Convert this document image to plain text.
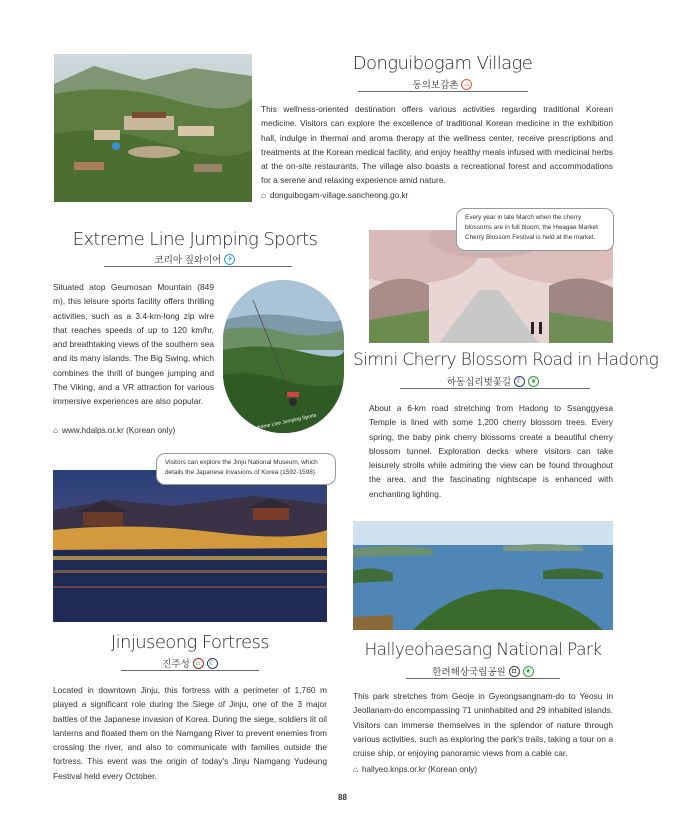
Donguibogam Village
동의보감촌 ♨
This wellness-oriented destination offers various activities regarding traditional Korean medicine. Visitors can explore the excellence of traditional Korean medicine in the exhibition hall, indulge in thermal and aroma therapy at the wellness center, receive prescriptions and treatments at the Korean medical facility, and enjoy healthy meals infused with medicinal herbs at the on-site restaurants. The village also boasts a recreational forest and accommodations for a serene and relaxing experience amid nature.
⌂ donguibogam-village.sancheong.go.kr
Extreme Line Jumping Sports
코리아 짚와이어 ✈
Situated atop Geumosan Mountain (849 m), this leisure sports facility offers thrilling activities, such as a 3.4-km-long zip wire that reaches speeds of up to 120 km/hr, and breathtaking views of the southern sea and its many islands. The Big Swing, which combines the thrill of bungee jumping and The Viking, and a VR attraction for various immersive experiences are also popular.
⌂ www.hdalps.or.kr (Korean only)	©Extreme Line Jumping Sports
Every year in late March when the cherry blossoms are in full bloom, the Hwagae Market Cherry Blossom Festival is held at the market.
Simni Cherry Blossom Road in Hadong
하동십리벚꽃길 ☾	❦
About a 6-km road stretching from Hadong to Ssanggyesa Temple is lined with some 1,200 cherry blossom trees. Every spring, the baby pink cherry blossoms create a beautiful cherry blossom tunnel. Exploration decks where visitors can take leisurely strolls while admiring the view can be found throughout the area, and the fascinating nightscape is enhanced with enchanting lighting.
Visitors can explore the Jinju National Museum, which details the Japanese Invasions of Korea (1592-1598).
Jinjuseong Fortress
진주성 ⌂	☾
Located in downtown Jinju, this fortress with a perimeter of 1,760 m played a significant role during the Siege of Jinju, one of the 3 major battles of the Japanese invasion of Korea. During the siege, soldiers lit oil lanterns and floated them on the Namgang River to prevent enemies from crossing the river, and also to communicate with families outside the fortress. This event was the origin of today's Jinju Namgang Yudeung Festival held every October.
Hallyeohaesang National Park
한려해상국립공원 ◘	❦
This park stretches from Geoje in Gyeongsangnam-do to Yeosu in Jeollanam-do encompassing 71 uninhabited and 29 inhabited islands. Visitors can immerse themselves in the splendor of nature through various activities, such as exploring the park's trails, taking a tour on a cruise ship, or enjoying panoramic views from a cable car.
⌂ hallyeo.knps.or.kr (Korean only)
88
